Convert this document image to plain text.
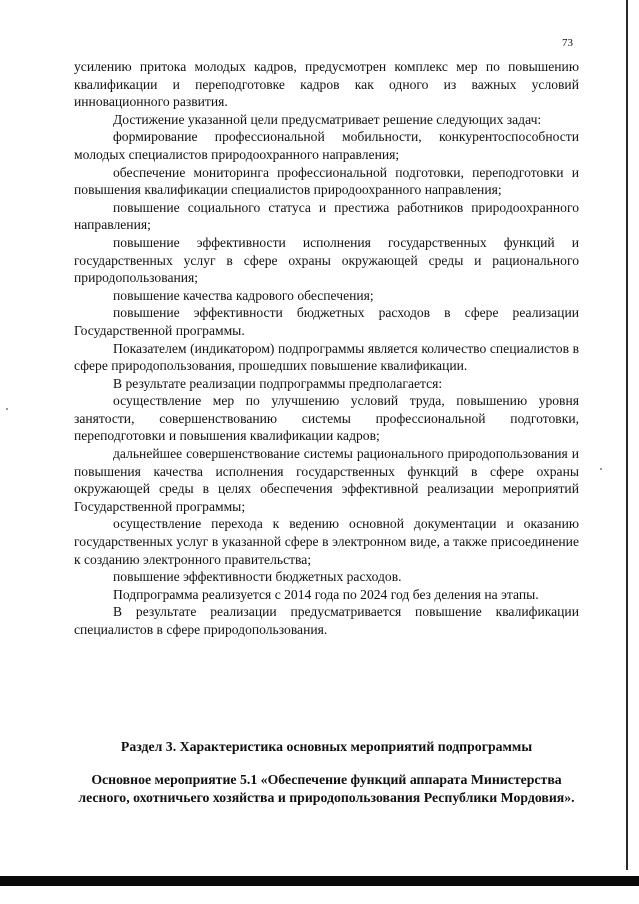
73

усилению притока молодых кадров, предусмотрен комплекс мер по повышению квалификации и переподготовке кадров как одного из важных условий инновационного развития.

Достижение указанной цели предусматривает решение следующих задач:

формирование профессиональной мобильности, конкурентоспособности молодых специалистов природоохранного направления;

обеспечение мониторинга профессиональной подготовки, переподготовки и повышения квалификации специалистов природоохранного направления;

повышение социального статуса и престижа работников природоохранного направления;

повышение эффективности исполнения государственных функций и государственных услуг в сфере охраны окружающей среды и рационального природопользования;

повышение качества кадрового обеспечения;

повышение эффективности бюджетных расходов в сфере реализации Государственной программы.

Показателем (индикатором) подпрограммы является количество специалистов в сфере природопользования, прошедших повышение квалификации.

В результате реализации подпрограммы предполагается:

осуществление мер по улучшению условий труда, повышению уровня занятости, совершенствованию системы профессиональной подготовки, переподготовки и повышения квалификации кадров;

дальнейшее совершенствование системы рационального природопользования и повышения качества исполнения государственных функций в сфере охраны окружающей среды в целях обеспечения эффективной реализации мероприятий Государственной программы;

осуществление перехода к ведению основной документации и оказанию государственных услуг в указанной сфере в электронном виде, а также присоединение к созданию электронного правительства;

повышение эффективности бюджетных расходов.

Подпрограмма реализуется с 2014 года по 2024 год без деления на этапы.

В результате реализации предусматривается повышение квалификации специалистов в сфере природопользования.

Раздел 3. Характеристика основных мероприятий подпрограммы

Основное мероприятие 5.1 «Обеспечение функций аппарата Министерства лесного, охотничьего хозяйства и природопользования Республики Мордовия».
